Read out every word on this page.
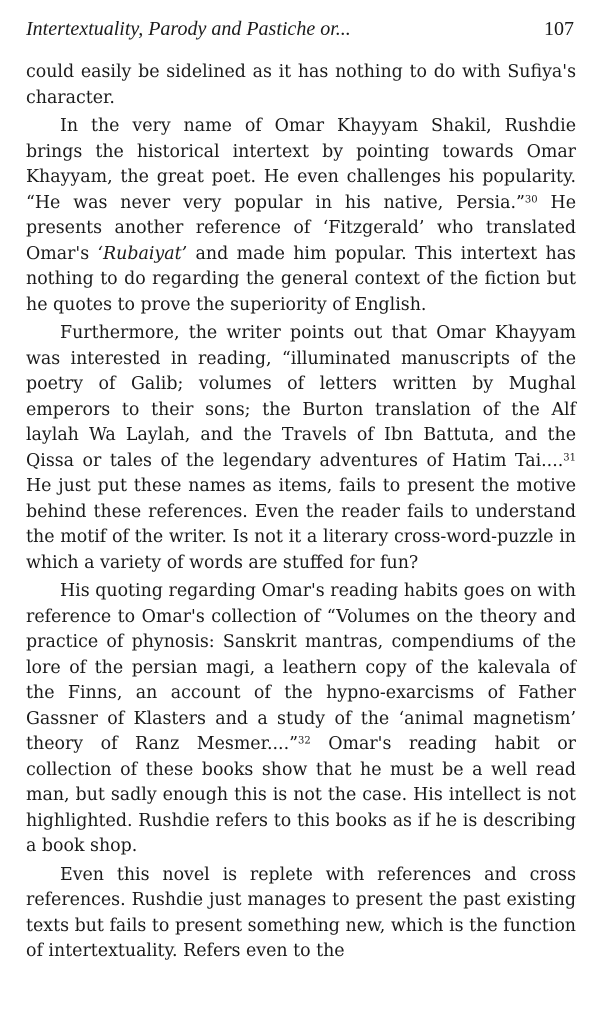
Intertextuality, Parody and Pastiche or...	107

could easily be sidelined as it has nothing to do with Sufiya's character.

In the very name of Omar Khayyam Shakil, Rushdie brings the historical intertext by pointing towards Omar Khayyam, the great poet. He even challenges his popularity. “He was never very popular in his native, Persia.”$^{30}$ He presents another reference of ‘Fitzgerald’ who translated Omar's ‘Rubaiyat’ and made him popular. This intertext has nothing to do regarding the general context of the fiction but he quotes to prove the superiority of English.

Furthermore, the writer points out that Omar Khayyam was interested in reading, “illuminated manuscripts of the poetry of Galib; volumes of letters written by Mughal emperors to their sons; the Burton translation of the Alf laylah Wa Laylah, and the Travels of Ibn Battuta, and the Qissa or tales of the legendary adventures of Hatim Tai....$^{31}$ He just put these names as items, fails to present the motive behind these references. Even the reader fails to understand the motif of the writer. Is not it a literary cross-word-puzzle in which a variety of words are stuffed for fun?

His quoting regarding Omar's reading habits goes on with reference to Omar's collection of “Volumes on the theory and practice of phynosis: Sanskrit mantras, compendiums of the lore of the persian magi, a leathern copy of the kalevala of the Finns, an account of the hypno-exarcisms of Father Gassner of Klasters and a study of the ‘animal magnetism’ theory of Ranz Mesmer....”$^{32}$ Omar's reading habit or collection of these books show that he must be a well read man, but sadly enough this is not the case. His intellect is not highlighted. Rushdie refers to this books as if he is describing a book shop.

Even this novel is replete with references and cross references. Rushdie just manages to present the past existing texts but fails to present something new, which is the function of intertextuality. Refers even to the
